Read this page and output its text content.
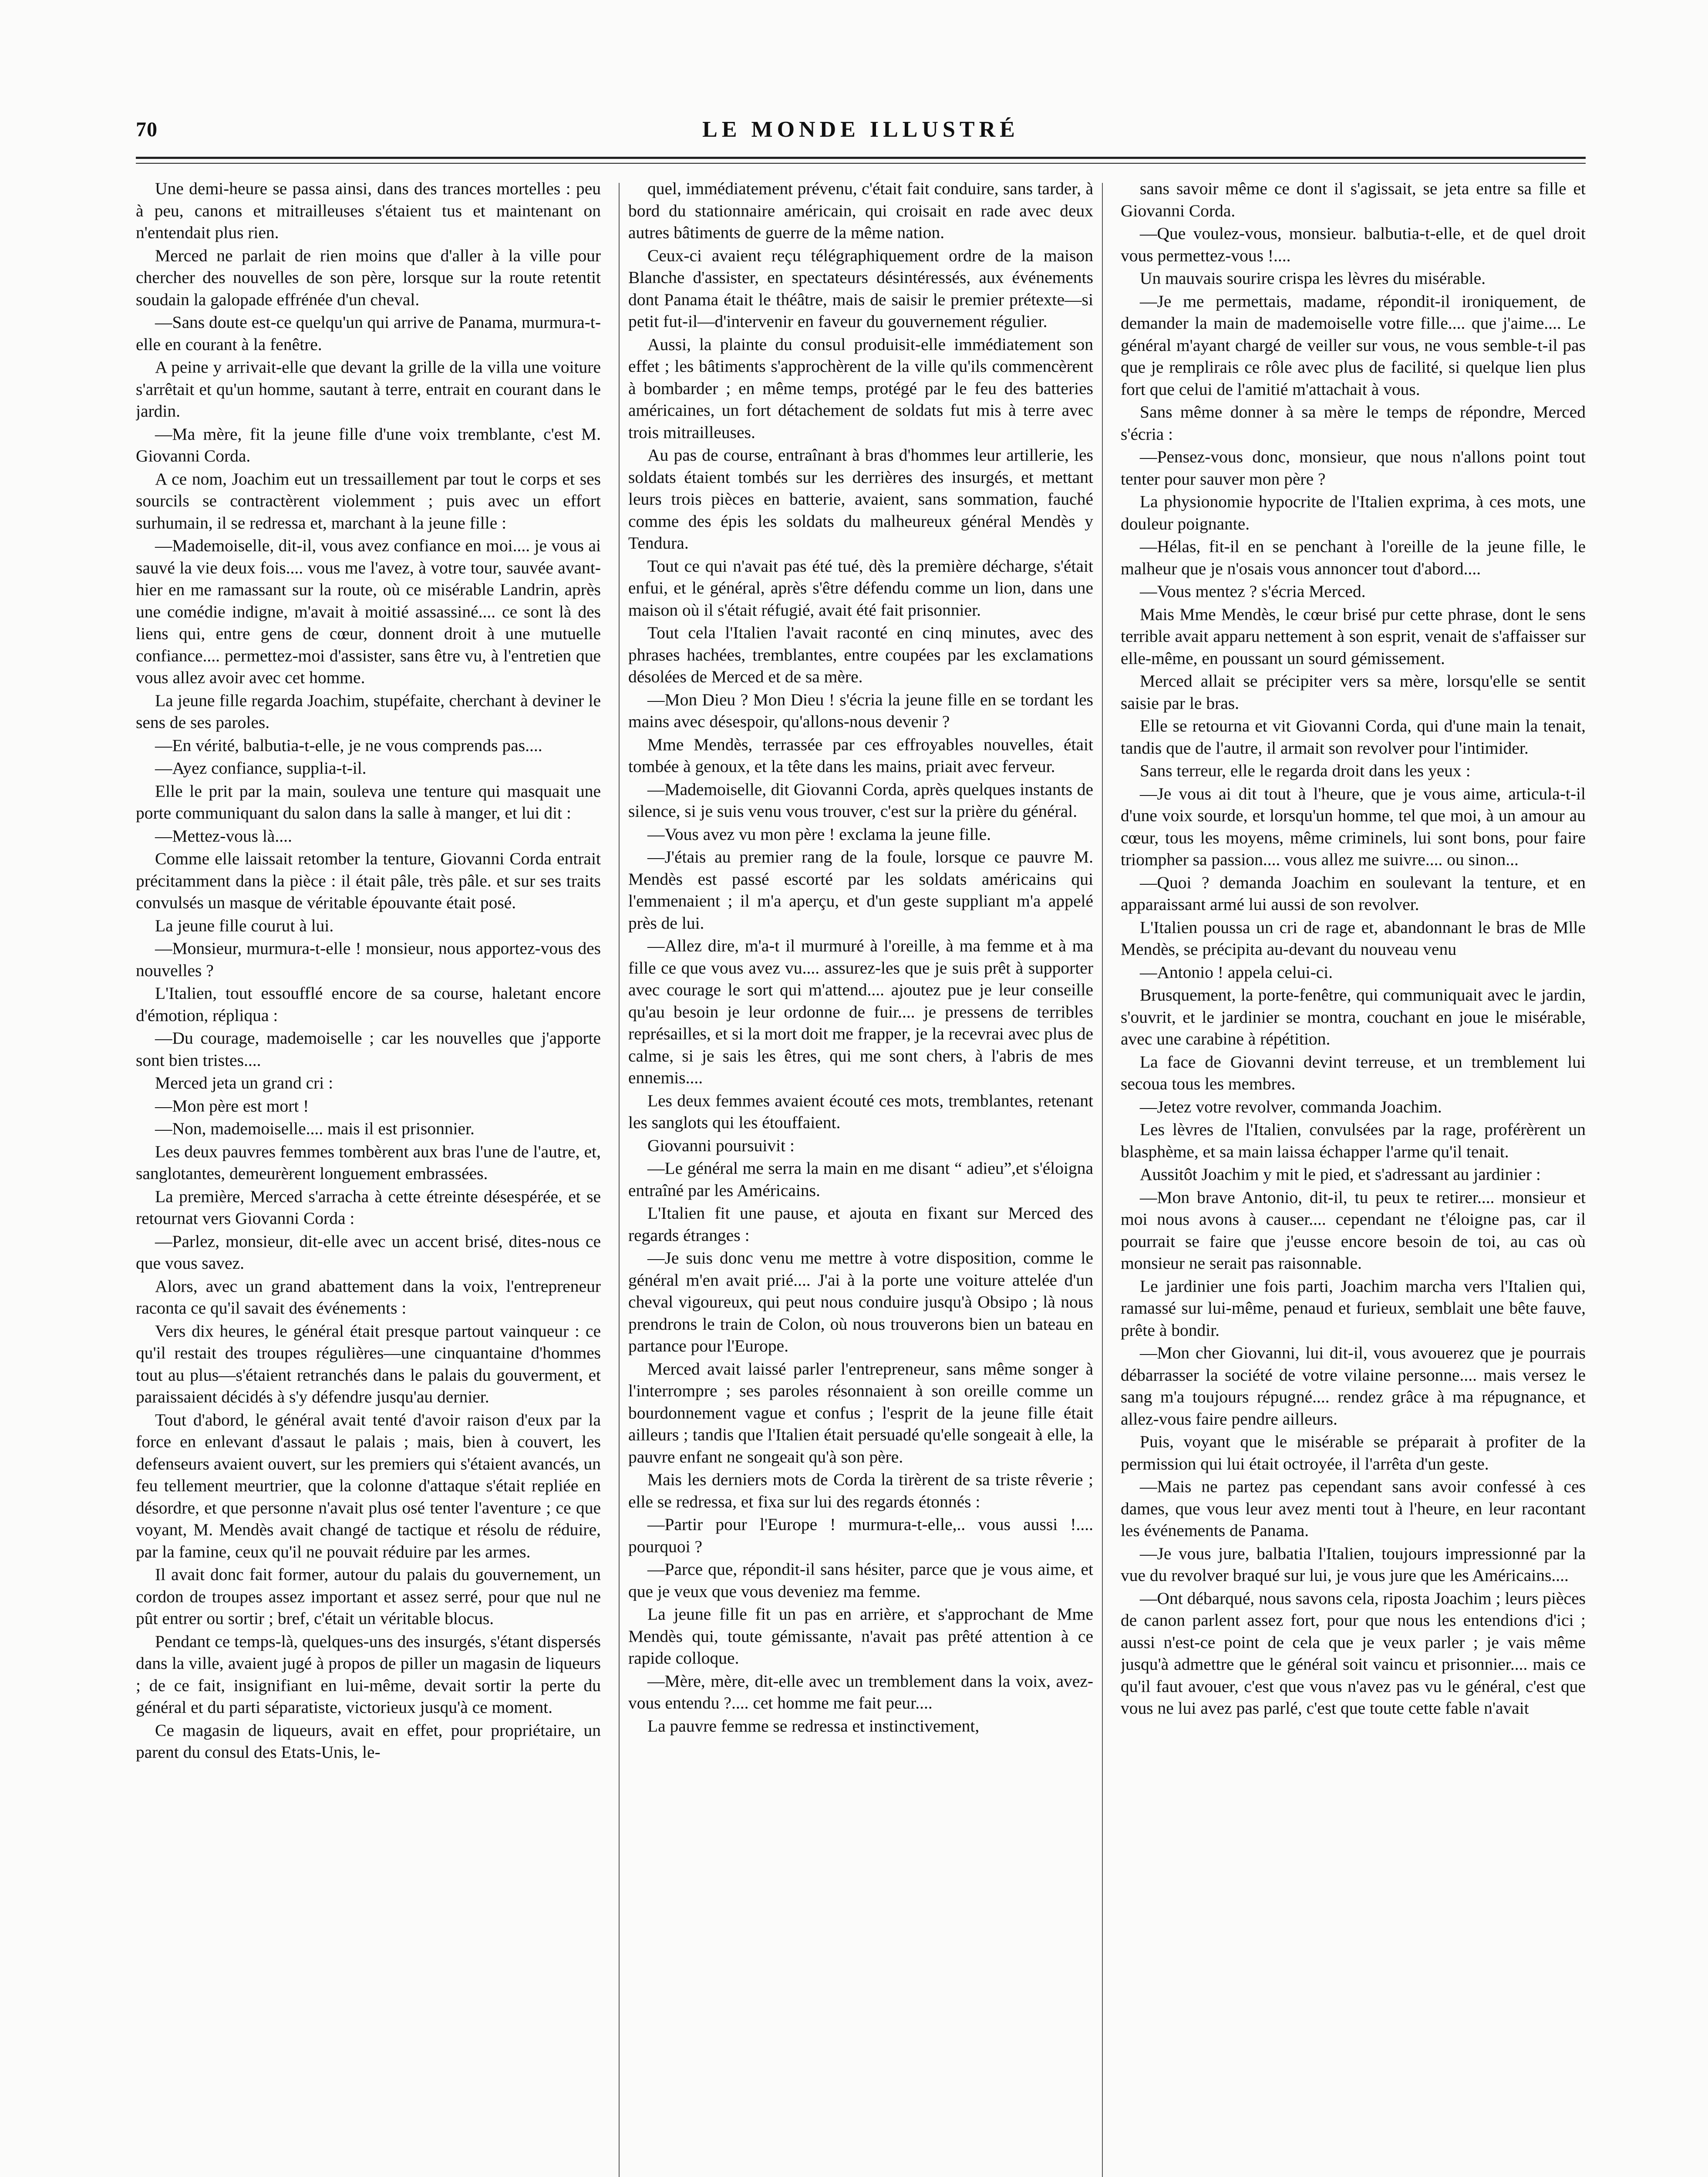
70	LE MONDE ILLUSTRÉ

Une demi-heure se passa ainsi, dans des trances mortelles : peu à peu, canons et mitrailleuses s'étaient tus et maintenant on n'entendait plus rien.

Merced ne parlait de rien moins que d'aller à la ville pour chercher des nouvelles de son père, lorsque sur la route retentit soudain la galopade effrénée d'un cheval.

—Sans doute est-ce quelqu'un qui arrive de Panama, murmura-t-elle en courant à la fenêtre.

A peine y arrivait-elle que devant la grille de la villa une voiture s'arrêtait et qu'un homme, sautant à terre, entrait en courant dans le jardin.

—Ma mère, fit la jeune fille d'une voix tremblante, c'est M. Giovanni Corda.

A ce nom, Joachim eut un tressaillement par tout le corps et ses sourcils se contractèrent violemment ; puis avec un effort surhumain, il se redressa et, marchant à la jeune fille :

—Mademoiselle, dit-il, vous avez confiance en moi.... je vous ai sauvé la vie deux fois.... vous me l'avez, à votre tour, sauvée avant-hier en me ramassant sur la route, où ce misérable Landrin, après une comédie indigne, m'avait à moitié assassiné.... ce sont là des liens qui, entre gens de cœur, donnent droit à une mutuelle confiance.... permettez-moi d'assister, sans être vu, à l'entretien que vous allez avoir avec cet homme.

La jeune fille regarda Joachim, stupéfaite, cherchant à deviner le sens de ses paroles.

—En vérité, balbutia-t-elle, je ne vous comprends pas....

—Ayez confiance, supplia-t-il.

Elle le prit par la main, souleva une tenture qui masquait une porte communiquant du salon dans la salle à manger, et lui dit :

—Mettez-vous là....

Comme elle laissait retomber la tenture, Giovanni Corda entrait précitamment dans la pièce : il était pâle, très pâle. et sur ses traits convulsés un masque de véritable épouvante était posé.

La jeune fille courut à lui.

—Monsieur, murmura-t-elle ! monsieur, nous apportez-vous des nouvelles ?

L'Italien, tout essoufflé encore de sa course, haletant encore d'émotion, répliqua :

—Du courage, mademoiselle ; car les nouvelles que j'apporte sont bien tristes....

Merced jeta un grand cri :

—Mon père est mort !

—Non, mademoiselle.... mais il est prisonnier.

Les deux pauvres femmes tombèrent aux bras l'une de l'autre, et, sanglotantes, demeurèrent longuement embrassées.

La première, Merced s'arracha à cette étreinte désespérée, et se retournat vers Giovanni Corda :

—Parlez, monsieur, dit-elle avec un accent brisé, dites-nous ce que vous savez.

Alors, avec un grand abattement dans la voix, l'entrepreneur raconta ce qu'il savait des événements :

Vers dix heures, le général était presque partout vainqueur : ce qu'il restait des troupes régulières—une cinquantaine d'hommes tout au plus—s'étaient retranchés dans le palais du gouverment, et paraissaient décidés à s'y défendre jusqu'au dernier.

Tout d'abord, le général avait tenté d'avoir raison d'eux par la force en enlevant d'assaut le palais ; mais, bien à couvert, les defenseurs avaient ouvert, sur les premiers qui s'étaient avancés, un feu tellement meurtrier, que la colonne d'attaque s'était repliée en désordre, et que personne n'avait plus osé tenter l'aventure ; ce que voyant, M. Mendès avait changé de tactique et résolu de réduire, par la famine, ceux qu'il ne pouvait réduire par les armes.

Il avait donc fait former, autour du palais du gouvernement, un cordon de troupes assez important et assez serré, pour que nul ne pût entrer ou sortir ; bref, c'était un véritable blocus.

Pendant ce temps-là, quelques-uns des insurgés, s'étant dispersés dans la ville, avaient jugé à propos de piller un magasin de liqueurs ; de ce fait, insignifiant en lui-même, devait sortir la perte du général et du parti séparatiste, victorieux jusqu'à ce moment.

Ce magasin de liqueurs, avait en effet, pour propriétaire, un parent du consul des Etats-Unis, le-

quel, immédiatement prévenu, c'était fait conduire, sans tarder, à bord du stationnaire américain, qui croisait en rade avec deux autres bâtiments de guerre de la même nation.

Ceux-ci avaient reçu télégraphiquement ordre de la maison Blanche d'assister, en spectateurs désintéressés, aux événements dont Panama était le théâtre, mais de saisir le premier prétexte—si petit fut-il—d'intervenir en faveur du gouvernement régulier.

Aussi, la plainte du consul produisit-elle immédiatement son effet ; les bâtiments s'approchèrent de la ville qu'ils commencèrent à bombarder ; en même temps, protégé par le feu des batteries américaines, un fort détachement de soldats fut mis à terre avec trois mitrailleuses.

Au pas de course, entraînant à bras d'hommes leur artillerie, les soldats étaient tombés sur les derrières des insurgés, et mettant leurs trois pièces en batterie, avaient, sans sommation, fauché comme des épis les soldats du malheureux général Mendès y Tendura.

Tout ce qui n'avait pas été tué, dès la première décharge, s'était enfui, et le général, après s'être défendu comme un lion, dans une maison où il s'était réfugié, avait été fait prisonnier.

Tout cela l'Italien l'avait raconté en cinq minutes, avec des phrases hachées, tremblantes, entre coupées par les exclamations désolées de Merced et de sa mère.

—Mon Dieu ? Mon Dieu ! s'écria la jeune fille en se tordant les mains avec désespoir, qu'allons-nous devenir ?

Mme Mendès, terrassée par ces effroyables nouvelles, était tombée à genoux, et la tête dans les mains, priait avec ferveur.

—Mademoiselle, dit Giovanni Corda, après quelques instants de silence, si je suis venu vous trouver, c'est sur la prière du général.

—Vous avez vu mon père ! exclama la jeune fille.

—J'étais au premier rang de la foule, lorsque ce pauvre M. Mendès est passé escorté par les soldats américains qui l'emmenaient ; il m'a aperçu, et d'un geste suppliant m'a appelé près de lui.

—Allez dire, m'a-t il murmuré à l'oreille, à ma femme et à ma fille ce que vous avez vu.... assurez-les que je suis prêt à supporter avec courage le sort qui m'attend.... ajoutez pue je leur conseille qu'au besoin je leur ordonne de fuir.... je pressens de terribles représailles, et si la mort doit me frapper, je la recevrai avec plus de calme, si je sais les êtres, qui me sont chers, à l'abris de mes ennemis....

Les deux femmes avaient écouté ces mots, tremblantes, retenant les sanglots qui les étouffaient.

Giovanni poursuivit :

—Le général me serra la main en me disant “ adieu”,et s'éloigna entraîné par les Américains.

L'Italien fit une pause, et ajouta en fixant sur Merced des regards étranges :

—Je suis donc venu me mettre à votre disposition, comme le général m'en avait prié.... J'ai à la porte une voiture attelée d'un cheval vigoureux, qui peut nous conduire jusqu'à Obsipo ; là nous prendrons le train de Colon, où nous trouverons bien un bateau en partance pour l'Europe.

Merced avait laissé parler l'entrepreneur, sans même songer à l'interrompre ; ses paroles résonnaient à son oreille comme un bourdonnement vague et confus ; l'esprit de la jeune fille était ailleurs ; tandis que l'Italien était persuadé qu'elle songeait à elle, la pauvre enfant ne songeait qu'à son père.

Mais les derniers mots de Corda la tirèrent de sa triste rêverie ; elle se redressa, et fixa sur lui des regards étonnés :

—Partir pour l'Europe ! murmura-t-elle,.. vous aussi !.... pourquoi ?

—Parce que, répondit-il sans hésiter, parce que je vous aime, et que je veux que vous deveniez ma femme.

La jeune fille fit un pas en arrière, et s'approchant de Mme Mendès qui, toute gémissante, n'avait pas prêté attention à ce rapide colloque.

—Mère, mère, dit-elle avec un tremblement dans la voix, avez-vous entendu ?.... cet homme me fait peur....

La pauvre femme se redressa et instinctivement,

sans savoir même ce dont il s'agissait, se jeta entre sa fille et Giovanni Corda.

—Que voulez-vous, monsieur. balbutia-t-elle, et de quel droit vous permettez-vous !....

Un mauvais sourire crispa les lèvres du misérable.

—Je me permettais, madame, répondit-il ironiquement, de demander la main de mademoiselle votre fille.... que j'aime.... Le général m'ayant chargé de veiller sur vous, ne vous semble-t-il pas que je remplirais ce rôle avec plus de facilité, si quelque lien plus fort que celui de l'amitié m'attachait à vous.

Sans même donner à sa mère le temps de répondre, Merced s'écria :

—Pensez-vous donc, monsieur, que nous n'allons point tout tenter pour sauver mon père ?

La physionomie hypocrite de l'Italien exprima, à ces mots, une douleur poignante.

—Hélas, fit-il en se penchant à l'oreille de la jeune fille, le malheur que je n'osais vous annoncer tout d'abord....

—Vous mentez ? s'écria Merced.

Mais Mme Mendès, le cœur brisé pur cette phrase, dont le sens terrible avait apparu nettement à son esprit, venait de s'affaisser sur elle-même, en poussant un sourd gémissement.

Merced allait se précipiter vers sa mère, lorsqu'elle se sentit saisie par le bras.

Elle se retourna et vit Giovanni Corda, qui d'une main la tenait, tandis que de l'autre, il armait son revolver pour l'intimider.

Sans terreur, elle le regarda droit dans les yeux :

—Je vous ai dit tout à l'heure, que je vous aime, articula-t-il d'une voix sourde, et lorsqu'un homme, tel que moi, à un amour au cœur, tous les moyens, même criminels, lui sont bons, pour faire triompher sa passion.... vous allez me suivre.... ou sinon...

—Quoi ? demanda Joachim en soulevant la tenture, et en apparaissant armé lui aussi de son revolver.

L'Italien poussa un cri de rage et, abandonnant le bras de Mlle Mendès, se précipita au-devant du nouveau venu

—Antonio ! appela celui-ci.

Brusquement, la porte-fenêtre, qui communiquait avec le jardin, s'ouvrit, et le jardinier se montra, couchant en joue le misérable, avec une carabine à répétition.

La face de Giovanni devint terreuse, et un tremblement lui secoua tous les membres.

—Jetez votre revolver, commanda Joachim.

Les lèvres de l'Italien, convulsées par la rage, proférèrent un blasphème, et sa main laissa échapper l'arme qu'il tenait.

Aussitôt Joachim y mit le pied, et s'adressant au jardinier :

—Mon brave Antonio, dit-il, tu peux te retirer.... monsieur et moi nous avons à causer.... cependant ne t'éloigne pas, car il pourrait se faire que j'eusse encore besoin de toi, au cas où monsieur ne serait pas raisonnable.

Le jardinier une fois parti, Joachim marcha vers l'Italien qui, ramassé sur lui-même, penaud et furieux, semblait une bête fauve, prête à bondir.

—Mon cher Giovanni, lui dit-il, vous avouerez que je pourrais débarrasser la société de votre vilaine personne.... mais versez le sang m'a toujours répugné.... rendez grâce à ma répugnance, et allez-vous faire pendre ailleurs.

Puis, voyant que le misérable se préparait à profiter de la permission qui lui était octroyée, il l'arrêta d'un geste.

—Mais ne partez pas cependant sans avoir confessé à ces dames, que vous leur avez menti tout à l'heure, en leur racontant les événements de Panama.

—Je vous jure, balbatia l'Italien, toujours impressionné par la vue du revolver braqué sur lui, je vous jure que les Américains....

—Ont débarqué, nous savons cela, riposta Joachim ; leurs pièces de canon parlent assez fort, pour que nous les entendions d'ici ; aussi n'est-ce point de cela que je veux parler ; je vais même jusqu'à admettre que le général soit vaincu et prisonnier.... mais ce qu'il faut avouer, c'est que vous n'avez pas vu le général, c'est que vous ne lui avez pas parlé, c'est que toute cette fable n'avait
